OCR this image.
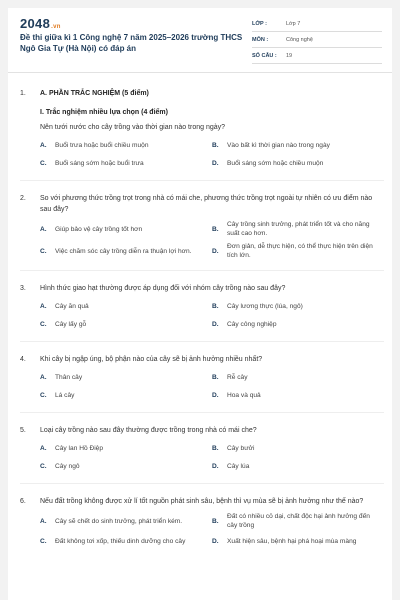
2048.vn
Đề thi giữa kì 1 Công nghệ 7 năm 2025–2026 trường THCS Ngô Gia Tự (Hà Nội) có đáp án
LỚP :	Lớp 7
MÔN :	Công nghệ
SỐ CÂU :	19
1.	A. PHẦN TRẮC NGHIỆM (5 điểm)
I. Trắc nghiệm nhiều lựa chọn (4 điểm)
Nên tưới nước cho cây trồng vào thời gian nào trong ngày?
A.	Buổi trưa hoặc buổi chiều muộn	B.	Vào bất kì thời gian nào trong ngày
C.	Buổi sáng sớm hoặc buổi trưa	D.	Buổi sáng sớm hoặc chiều muộn
2.	So với phương thức trồng trọt trong nhà có mái che, phương thức trồng trọt ngoài tự nhiên có ưu điểm nào sau đây?
A.	Giúp bảo vệ cây trồng tốt hơn	B.
Cây trồng sinh trưởng, phát triển tốt và cho năng suất cao hơn.
C.	Việc chăm sóc cây trồng diễn ra thuận lợi hơn.	D.
Đơn giản, dễ thực hiện, có thể thực hiện trên diện tích lớn.
3.	Hình thức giao hạt thường được áp dụng đối với nhóm cây trồng nào sau đây?
A.	Cây ăn quả	B.	Cây lương thực (lúa, ngô)
C.	Cây lấy gỗ	D.	Cây công nghiệp
4.	Khi cây bị ngập úng, bộ phận nào của cây sẽ bị ảnh hưởng nhiều nhất?
A.	Thân cây	B.	Rễ cây
C.	Lá cây	D.	Hoa và quả
5.	Loại cây trồng nào sau đây thường được trồng trong nhà có mái che?
A.	Cây lan Hồ Điệp	B.	Cây bưởi
C.	Cây ngô	D.	Cây lúa
6.	Nếu đất trồng không được xử lí tốt nguồn phát sinh sâu, bệnh thì vụ mùa sẽ bị ảnh hưởng như thế nào?
A.	Cây sẽ chết do sinh trưởng, phát triển kém.	B.
Đất có nhiều cỏ dại, chất độc hại ảnh hưởng đến cây trồng
C.	Đất không tơi xốp, thiếu dinh dưỡng cho cây	D.	Xuất hiện sâu, bệnh hại phá hoại mùa màng
